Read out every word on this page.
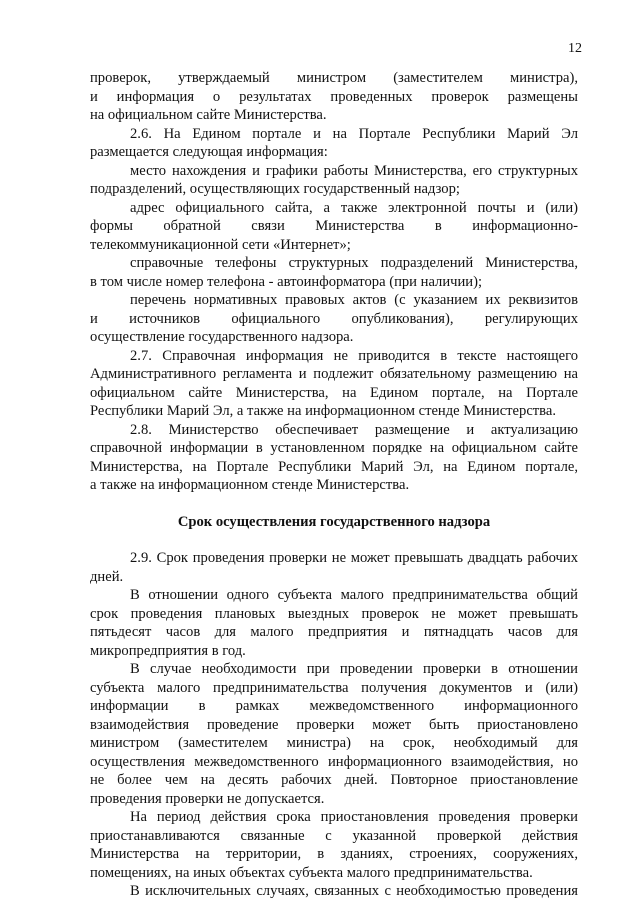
12
проверок, утверждаемый министром (заместителем министра),
и информация о результатах проведенных проверок размещены
на официальном сайте Министерства.
2.6. На Едином портале и на Портале Республики Марий Эл
размещается следующая информация:
место нахождения и графики работы Министерства, его структурных
подразделений, осуществляющих государственный надзор;
адрес официального сайта, а также электронной почты и (или)
формы обратной связи Министерства в информационно-
телекоммуникационной сети «Интернет»;
справочные телефоны структурных подразделений Министерства,
в том числе номер телефона - автоинформатора (при наличии);
перечень нормативных правовых актов (с указанием их реквизитов
и источников официального опубликования), регулирующих
осуществление государственного надзора.
2.7. Справочная информация не приводится в тексте настоящего
Административного регламента и подлежит обязательному размещению на
официальном сайте Министерства, на Едином портале, на Портале
Республики Марий Эл, а также на информационном стенде Министерства.
2.8. Министерство обеспечивает размещение и актуализацию
справочной информации в установленном порядке на официальном сайте
Министерства, на Портале Республики Марий Эл, на Едином портале,
а также на информационном стенде Министерства.
Срок осуществления государственного надзора
2.9. Срок проведения проверки не может превышать двадцать рабочих
дней.
В отношении одного субъекта малого предпринимательства общий
срок проведения плановых выездных проверок не может превышать
пятьдесят часов для малого предприятия и пятнадцать часов для
микропредприятия в год.
В случае необходимости при проведении проверки в отношении
субъекта малого предпринимательства получения документов и (или)
информации в рамках межведомственного информационного
взаимодействия проведение проверки может быть приостановлено
министром (заместителем министра) на срок, необходимый для
осуществления межведомственного информационного взаимодействия, но
не более чем на десять рабочих дней. Повторное приостановление
проведения проверки не допускается.
На период действия срока приостановления проведения проверки
приостанавливаются связанные с указанной проверкой действия
Министерства на территории, в зданиях, строениях, сооружениях,
помещениях, на иных объектах субъекта малого предпринимательства.
В исключительных случаях, связанных с необходимостью проведения
